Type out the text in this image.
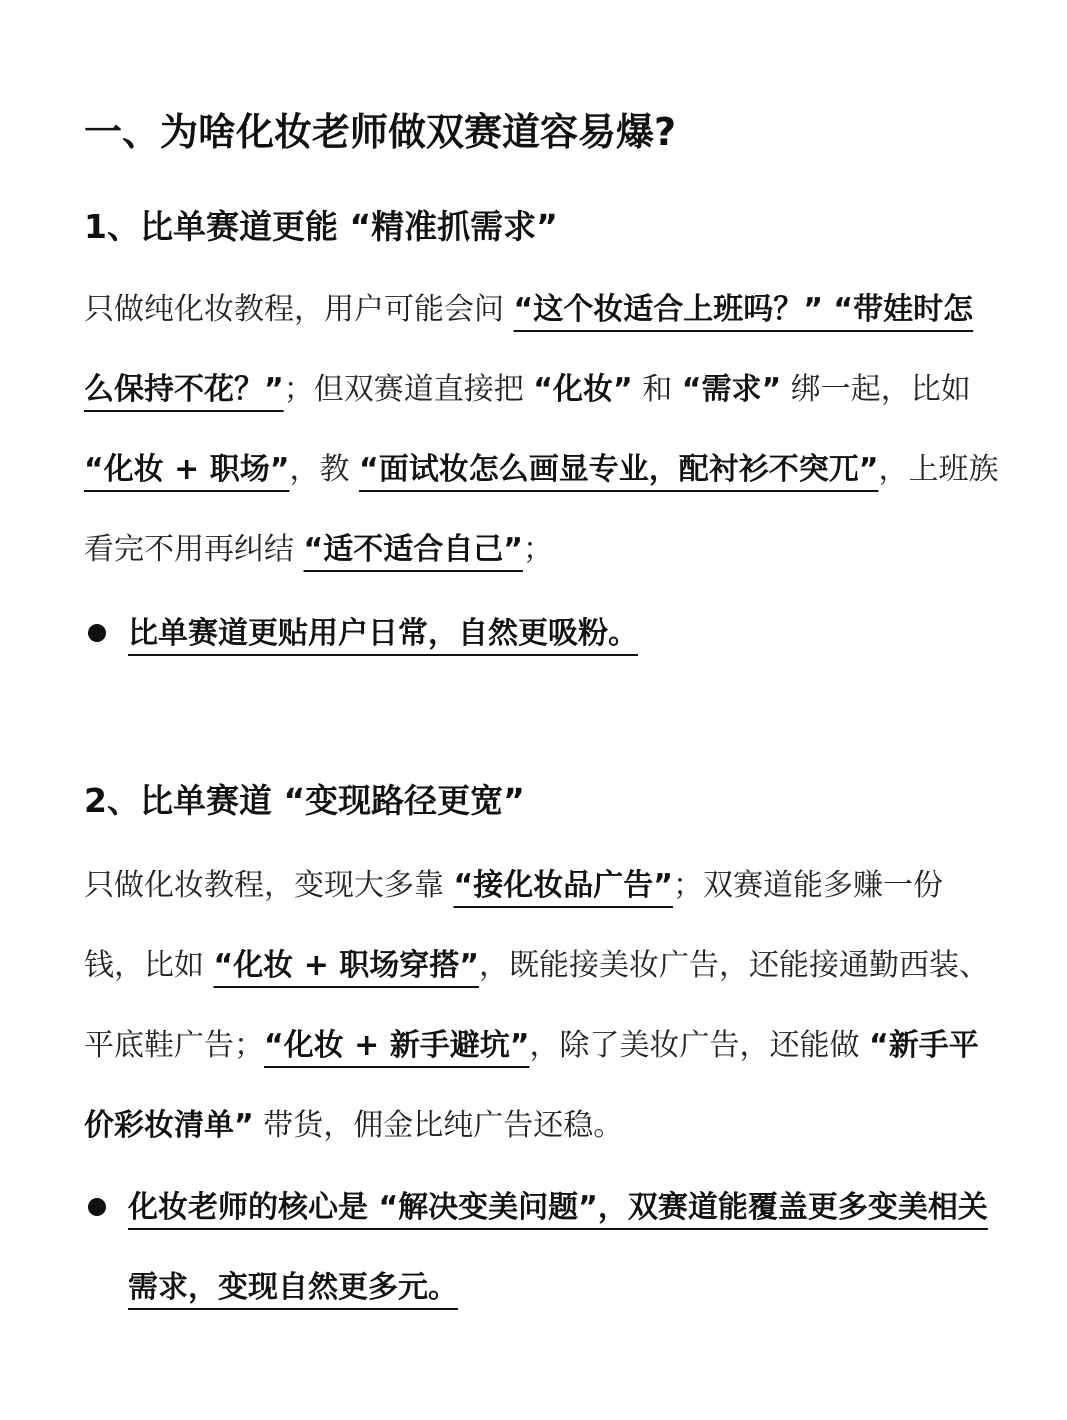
一、为啥化妆老师做双赛道容易爆?
1、比单赛道更能 “精准抓需求”

只做纯化妆教程，用户可能会问 “这个妆适合上班吗？” “带娃时怎么保持不花？”；但双赛道直接把 “化妆” 和 “需求” 绑一起，比如 “化妆 + 职场”，教 “面试妆怎么画显专业，配衬衫不突兀”，上班族看完不用再纠结 “适不适合自己”；

比单赛道更贴用户日常，自然更吸粉。
2、比单赛道 “变现路径更宽”

只做化妆教程，变现大多靠 “接化妆品广告”；双赛道能多赚一份钱，比如 “化妆 + 职场穿搭”，既能接美妆广告，还能接通勤西装、平底鞋广告；“化妆 + 新手避坑”，除了美妆广告，还能做 “新手平价彩妆清单” 带货，佣金比纯广告还稳。

化妆老师的核心是 “解决变美问题”，双赛道能覆盖更多变美相关需求，变现自然更多元。
